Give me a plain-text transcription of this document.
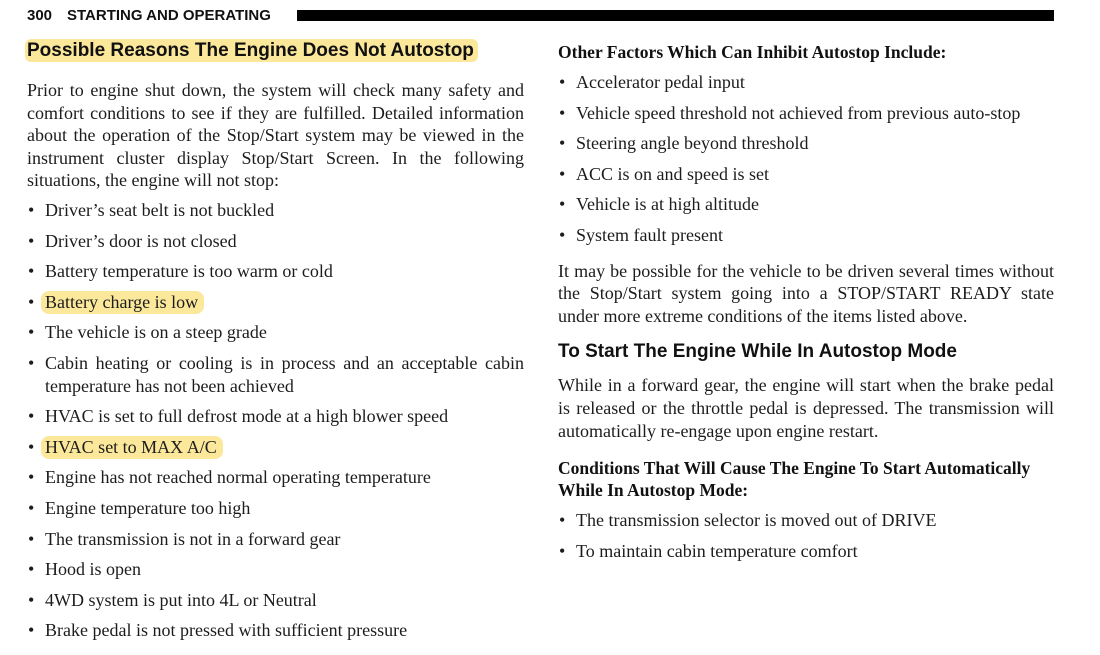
300 STARTING AND OPERATING
Possible Reasons The Engine Does Not Autostop

Prior to engine shut down, the system will check many safety and comfort conditions to see if they are fulfilled. Detailed information about the operation of the Stop/Start system may be viewed in the instrument cluster display Stop/Start Screen. In the following situations, the engine will not stop:

• Driver’s seat belt is not buckled
• Driver’s door is not closed
• Battery temperature is too warm or cold
• Battery charge is low
• The vehicle is on a steep grade
• Cabin heating or cooling is in process and an acceptable cabin temperature has not been achieved
• HVAC is set to full defrost mode at a high blower speed
• HVAC set to MAX A/C
• Engine has not reached normal operating temperature
• Engine temperature too high
• The transmission is not in a forward gear
• Hood is open
• 4WD system is put into 4L or Neutral
• Brake pedal is not pressed with sufficient pressure
Other Factors Which Can Inhibit Autostop Include:
• Accelerator pedal input
• Vehicle speed threshold not achieved from previous auto-stop
• Steering angle beyond threshold
• ACC is on and speed is set
• Vehicle is at high altitude
• System fault present

It may be possible for the vehicle to be driven several times without the Stop/Start system going into a STOP/START READY state under more extreme conditions of the items listed above.

To Start The Engine While In Autostop Mode

While in a forward gear, the engine will start when the brake pedal is released or the throttle pedal is depressed. The transmission will automatically re-engage upon engine restart.

Conditions That Will Cause The Engine To Start Automatically While In Autostop Mode:
• The transmission selector is moved out of DRIVE
• To maintain cabin temperature comfort
